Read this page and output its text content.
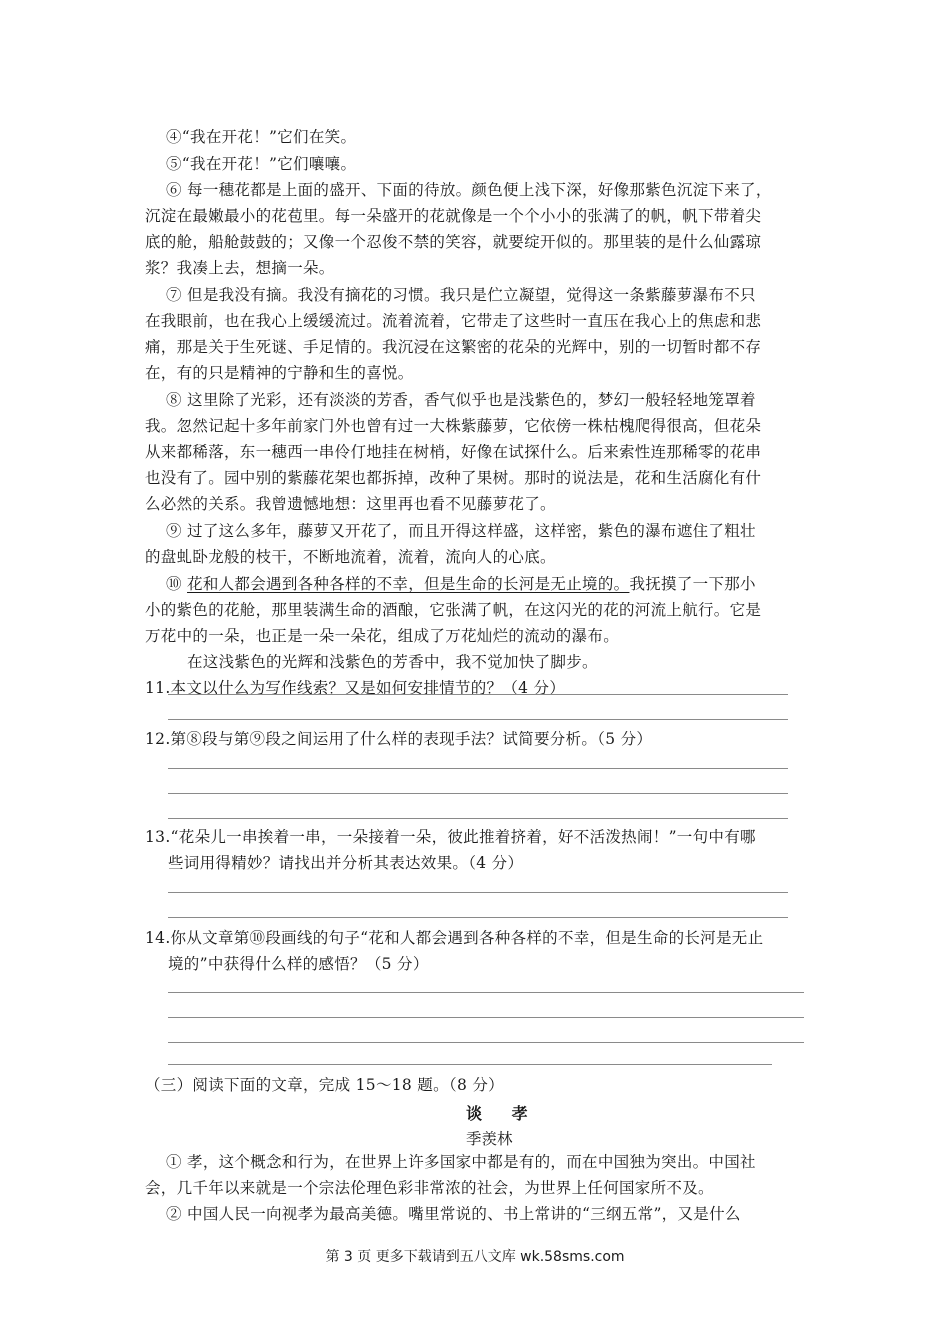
④“我在开花！”它们在笑。
⑤“我在开花！”它们嚷嚷。
⑥ 每一穗花都是上面的盛开、下面的待放。颜色便上浅下深，好像那紫色沉淀下来了，
沉淀在最嫩最小的花苞里。每一朵盛开的花就像是一个个小小的张满了的帆，帆下带着尖
底的舱，船舱鼓鼓的；又像一个忍俊不禁的笑容，就要绽开似的。那里装的是什么仙露琼
浆？我凑上去，想摘一朵。
⑦ 但是我没有摘。我没有摘花的习惯。我只是伫立凝望，觉得这一条紫藤萝瀑布不只
在我眼前，也在我心上缓缓流过。流着流着，它带走了这些时一直压在我心上的焦虑和悲
痛，那是关于生死谜、手足情的。我沉浸在这繁密的花朵的光辉中，别的一切暂时都不存
在，有的只是精神的宁静和生的喜悦。
⑧ 这里除了光彩，还有淡淡的芳香，香气似乎也是浅紫色的，梦幻一般轻轻地笼罩着
我。忽然记起十多年前家门外也曾有过一大株紫藤萝，它依傍一株枯槐爬得很高，但花朵
从来都稀落，东一穗西一串伶仃地挂在树梢，好像在试探什么。后来索性连那稀零的花串
也没有了。园中别的紫藤花架也都拆掉，改种了果树。那时的说法是，花和生活腐化有什
么必然的关系。我曾遗憾地想：这里再也看不见藤萝花了。
⑨ 过了这么多年，藤萝又开花了，而且开得这样盛，这样密，紫色的瀑布遮住了粗壮
的盘虬卧龙般的枝干，不断地流着，流着，流向人的心底。
⑩ 花和人都会遇到各种各样的不幸，但是生命的长河是无止境的。我抚摸了一下那小
小的紫色的花舱，那里装满生命的酒酿，它张满了帆，在这闪光的花的河流上航行。它是
万花中的一朵，也正是一朵一朵花，组成了万花灿烂的流动的瀑布。
在这浅紫色的光辉和浅紫色的芳香中，我不觉加快了脚步。
11.本文以什么为写作线索？又是如何安排情节的？（4 分）
12.第⑧段与第⑨段之间运用了什么样的表现手法？试简要分析。（5 分）
13.“花朵儿一串挨着一串，一朵接着一朵，彼此推着挤着，好不活泼热闹！”一句中有哪
些词用得精妙？请找出并分析其表达效果。（4 分）
14.你从文章第⑩段画线的句子“花和人都会遇到各种各样的不幸，但是生命的长河是无止
境的”中获得什么样的感悟？（5 分）
（三）阅读下面的文章，完成 15～18 题。（8 分）
谈 孝
季羡林
① 孝，这个概念和行为，在世界上许多国家中都是有的，而在中国独为突出。中国社
会，几千年以来就是一个宗法伦理色彩非常浓的社会，为世界上任何国家所不及。
② 中国人民一向视孝为最高美德。嘴里常说的、书上常讲的“三纲五常”，又是什么
第 3 页 更多下载请到五八文库 wk.58sms.com
